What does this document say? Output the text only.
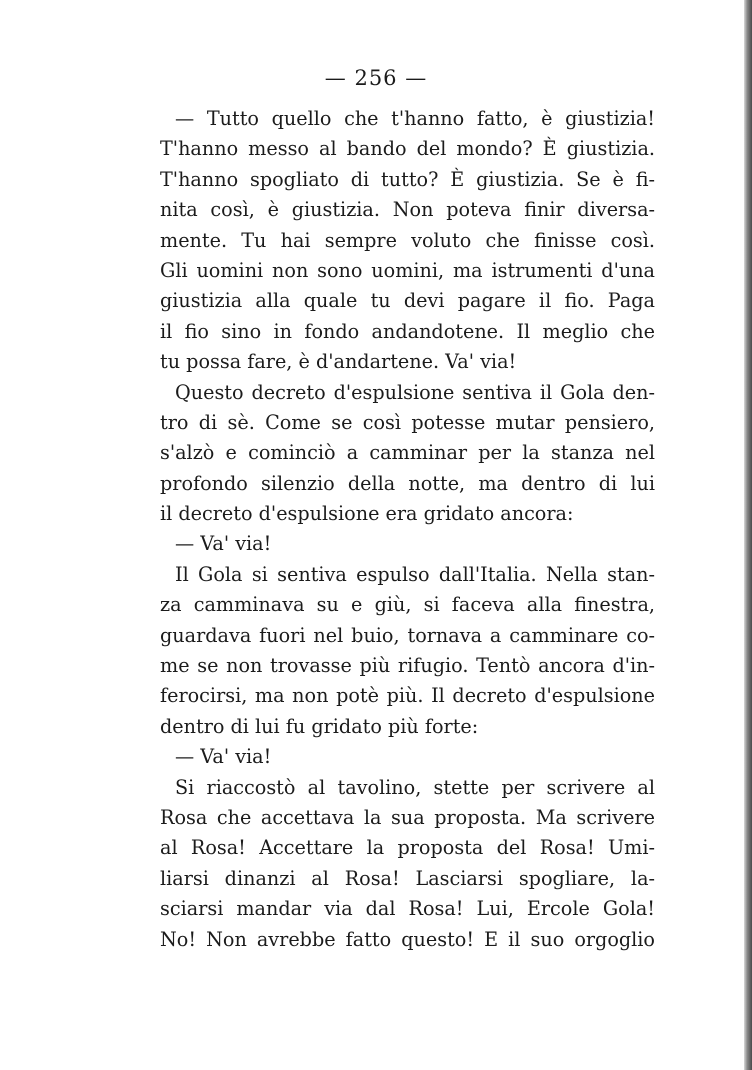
— 256 —
— Tutto quello che t'hanno fatto, è giustizia!
T'hanno messo al bando del mondo? È giustizia.
T'hanno spogliato di tutto? È giustizia. Se è fi-
nita così, è giustizia. Non poteva finir diversa-
mente. Tu hai sempre voluto che finisse così.
Gli uomini non sono uomini, ma istrumenti d'una
giustizia alla quale tu devi pagare il fio. Paga
il fio sino in fondo andandotene. Il meglio che
tu possa fare, è d'andartene. Va' via!
Questo decreto d'espulsione sentiva il Gola den-
tro di sè. Come se così potesse mutar pensiero,
s'alzò e cominciò a camminar per la stanza nel
profondo silenzio della notte, ma dentro di lui
il decreto d'espulsione era gridato ancora:
— Va' via!
Il Gola si sentiva espulso dall'Italia. Nella stan-
za camminava su e giù, si faceva alla finestra,
guardava fuori nel buio, tornava a camminare co-
me se non trovasse più rifugio. Tentò ancora d'in-
ferocirsi, ma non potè più. Il decreto d'espulsione
dentro di lui fu gridato più forte:
— Va' via!
Si riaccostò al tavolino, stette per scrivere al
Rosa che accettava la sua proposta. Ma scrivere
al Rosa! Accettare la proposta del Rosa! Umi-
liarsi dinanzi al Rosa! Lasciarsi spogliare, la-
sciarsi mandar via dal Rosa! Lui, Ercole Gola!
No! Non avrebbe fatto questo! E il suo orgoglio
